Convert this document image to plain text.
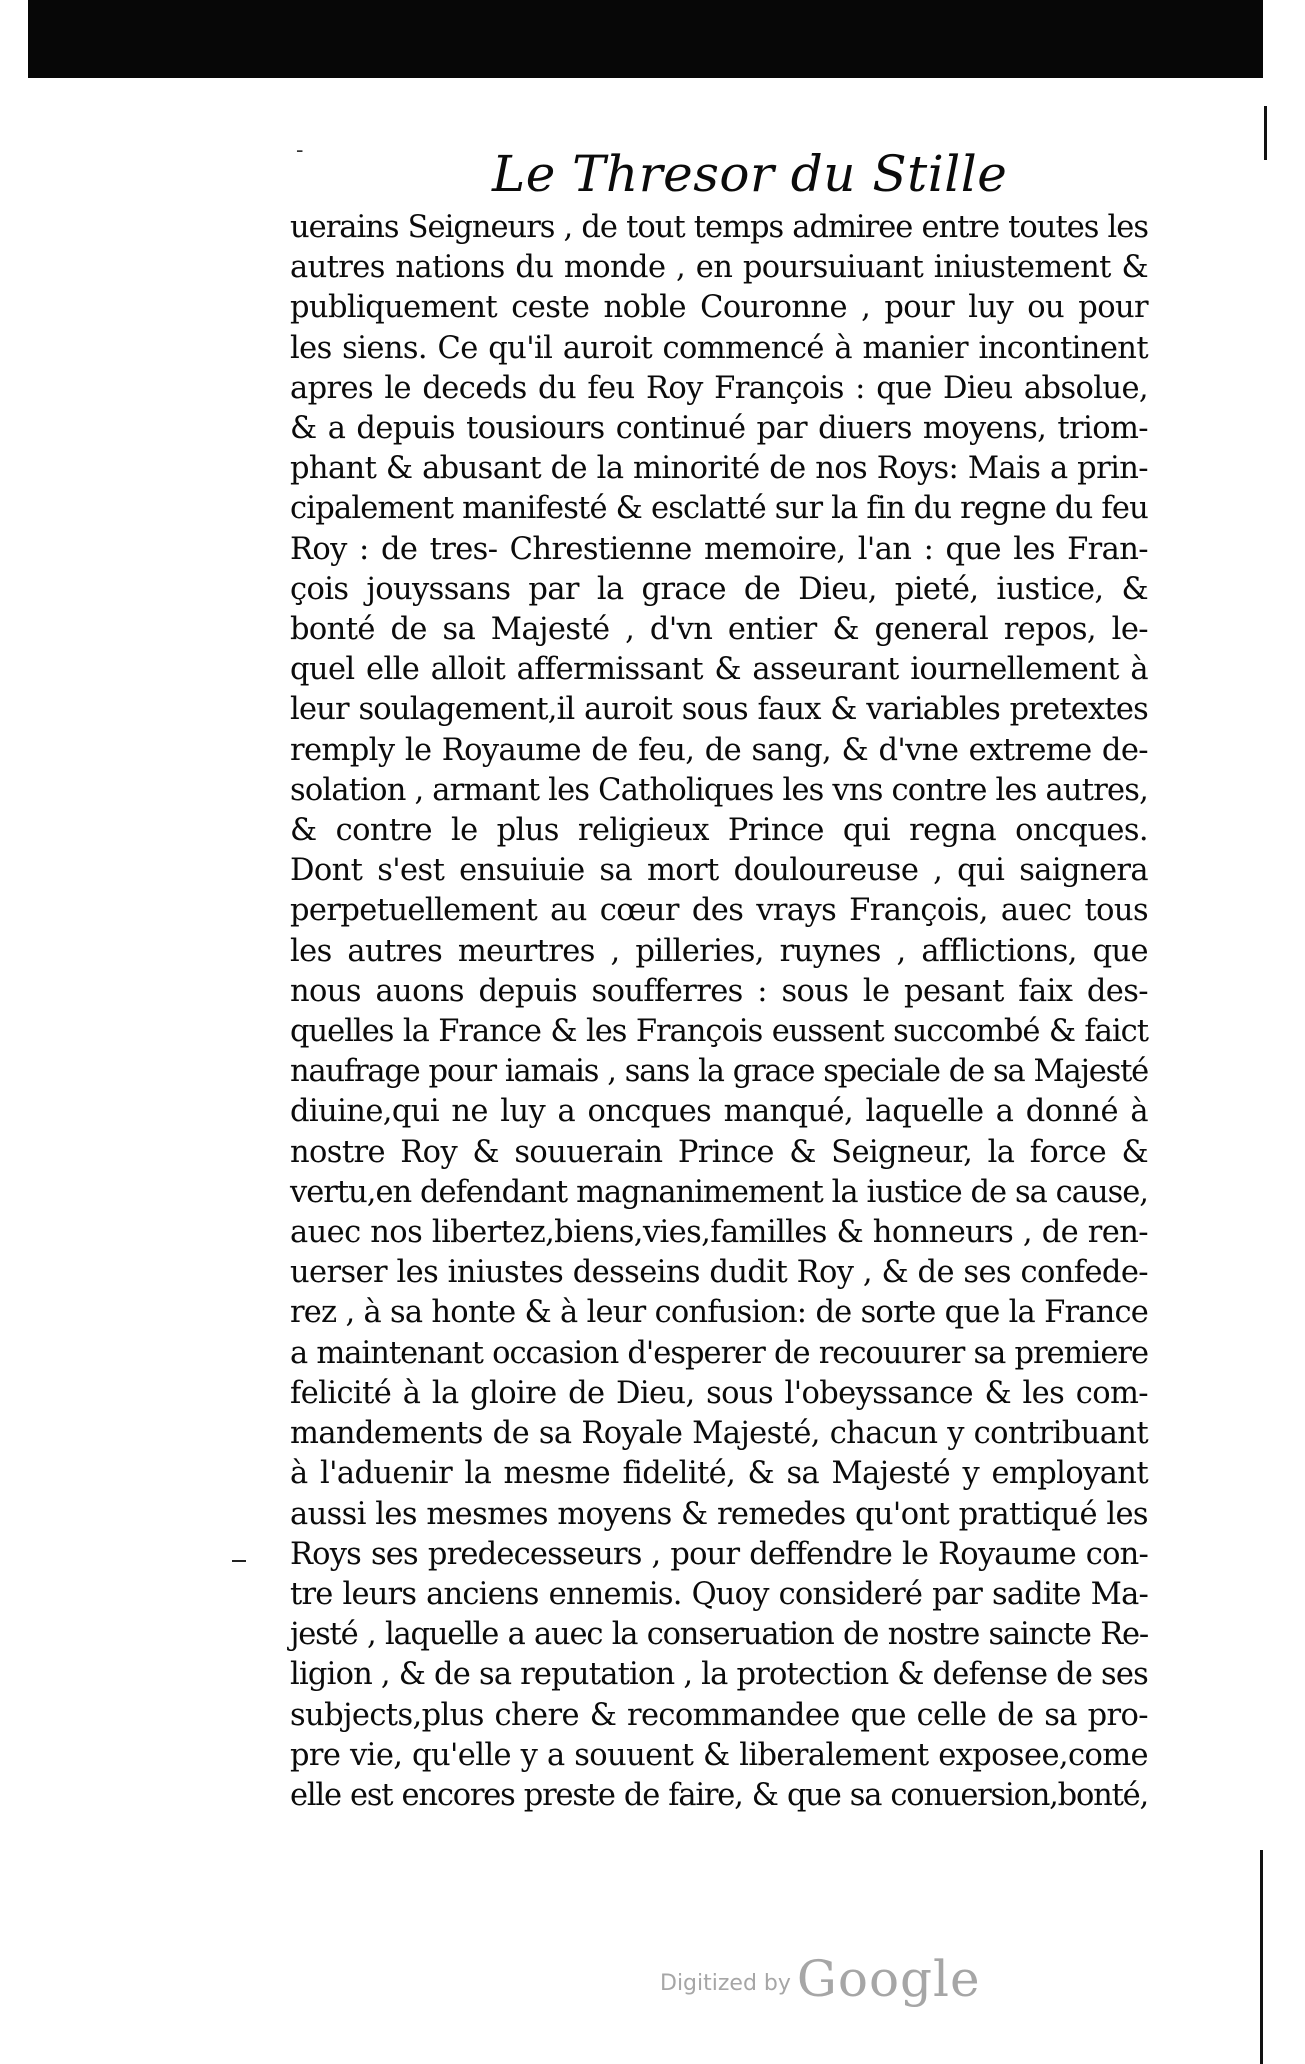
-	Le Thresor du Stille
uerains Seigneurs , de tout temps admiree entre toutes les
autres nations du monde , en poursuiuant iniustement &
publiquement ceste noble Couronne , pour luy ou pour
les siens. Ce qu'il auroit commencé à manier incontinent
apres le deceds du feu Roy François : que Dieu absolue,
& a depuis tousiours continué par diuers moyens, triom-
phant & abusant de la minorité de nos Roys: Mais a prin-
cipalement manifesté & esclatté sur la fin du regne du feu
Roy : de tres- Chrestienne memoire, l'an : que les Fran-
çois jouyssans par la grace de Dieu, pieté, iustice, &
bonté de sa Majesté , d'vn entier & general repos, le-
quel elle alloit affermissant & asseurant iournellement à
leur soulagement,il auroit sous faux & variables pretextes
remply le Royaume de feu, de sang, & d'vne extreme de-
solation , armant les Catholiques les vns contre les autres,
& contre le plus religieux Prince qui regna oncques.
Dont s'est ensuiuie sa mort douloureuse , qui saignera
perpetuellement au cœur des vrays François, auec tous
les autres meurtres , pilleries, ruynes , afflictions, que
nous auons depuis soufferres : sous le pesant faix des-
quelles la France & les François eussent succombé & faict
naufrage pour iamais , sans la grace speciale de sa Majesté
diuine,qui ne luy a oncques manqué, laquelle a donné à
nostre Roy & souuerain Prince & Seigneur, la force &
vertu,en defendant magnanimement la iustice de sa cause,
auec nos libertez,biens,vies,familles & honneurs , de ren-
uerser les iniustes desseins dudit Roy , & de ses confede-
rez , à sa honte & à leur confusion: de sorte que la France
a maintenant occasion d'esperer de recouurer sa premiere
felicité à la gloire de Dieu, sous l'obeyssance & les com-
mandements de sa Royale Majesté, chacun y contribuant
à l'aduenir la mesme fidelité, & sa Majesté y employant
aussi les mesmes moyens & remedes qu'ont prattiqué les
Roys ses predecesseurs , pour deffendre le Royaume con-
tre leurs anciens ennemis. Quoy consideré par sadite Ma-
jesté , laquelle a auec la conseruation de nostre saincte Re-
ligion , & de sa reputation , la protection & defense de ses
subjects,plus chere & recommandee que celle de sa pro-
pre vie, qu'elle y a souuent & liberalement exposee,come
elle est encores preste de faire, & que sa conuersion,bonté,
Digitized by Google
